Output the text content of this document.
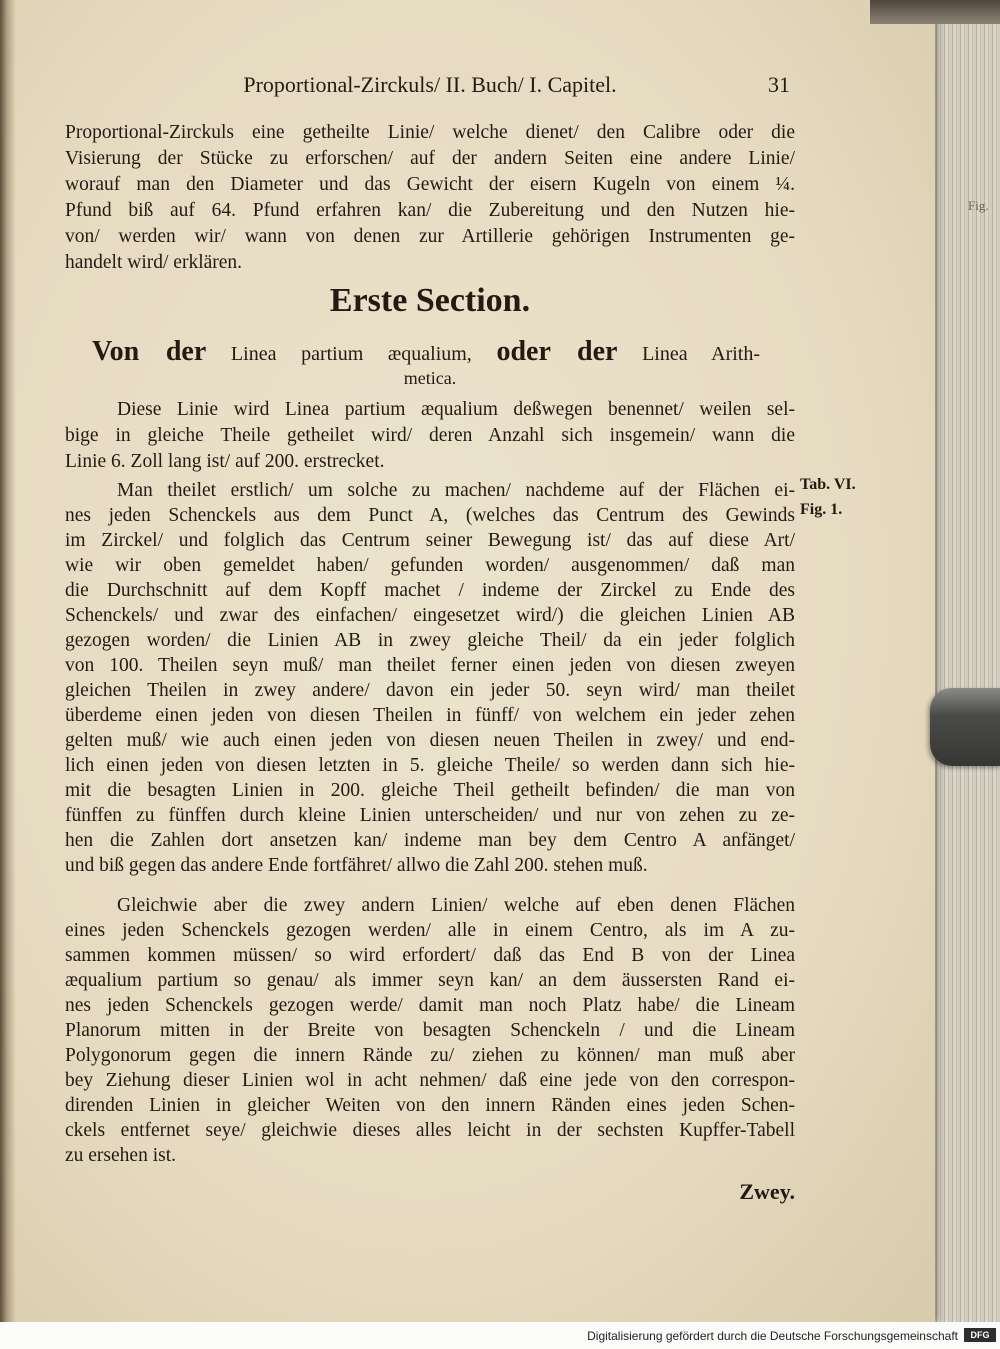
Fig.
Proportional-Zirckuls/ II. Buch/ I. Capitel.	31
Proportional-Zirckuls eine getheilte Linie/ welche dienet/ den Calibre oder die
Visierung der Stücke zu erforschen/ auf der andern Seiten eine andere Linie/
worauf man den Diameter und das Gewicht der eisern Kugeln von einem ¼.
Pfund biß auf 64. Pfund erfahren kan/ die Zubereitung und den Nutzen hie-
von/ werden wir/ wann von denen zur Artillerie gehörigen Instrumenten ge-
handelt wird/ erklären.
Erste Section.
Von der Linea partium æqualium, oder der Linea Arith-
metica.
Diese Linie wird Linea partium æqualium deßwegen benennet/ weilen sel-
bige in gleiche Theile getheilet wird/ deren Anzahl sich insgemein/ wann die
Linie 6. Zoll lang ist/ auf 200. erstrecket.
Man theilet erstlich/ um solche zu machen/ nachdeme auf der Flächen ei-
nes jeden Schenckels aus dem Punct A, (welches das Centrum des Gewinds
im Zirckel/ und folglich das Centrum seiner Bewegung ist/ das auf diese Art/
wie wir oben gemeldet haben/ gefunden worden/ ausgenommen/ daß man
die Durchschnitt auf dem Kopff machet / indeme der Zirckel zu Ende des
Schenckels/ und zwar des einfachen/ eingesetzet wird/) die gleichen Linien AB
gezogen worden/ die Linien AB in zwey gleiche Theil/ da ein jeder folglich
von 100. Theilen seyn muß/ man theilet ferner einen jeden von diesen zweyen
gleichen Theilen in zwey andere/ davon ein jeder 50. seyn wird/ man theilet
überdeme einen jeden von diesen Theilen in fünff/ von welchem ein jeder zehen
gelten muß/ wie auch einen jeden von diesen neuen Theilen in zwey/ und end-
lich einen jeden von diesen letzten in 5. gleiche Theile/ so werden dann sich hie-
mit die besagten Linien in 200. gleiche Theil getheilt befinden/ die man von
fünffen zu fünffen durch kleine Linien unterscheiden/ und nur von zehen zu ze-
hen die Zahlen dort ansetzen kan/ indeme man bey dem Centro A anfänget/
und biß gegen das andere Ende fortfähret/ allwo die Zahl 200. stehen muß.
Gleichwie aber die zwey andern Linien/ welche auf eben denen Flächen
eines jeden Schenckels gezogen werden/ alle in einem Centro, als im A zu-
sammen kommen müssen/ so wird erfordert/ daß das End B von der Linea
æqualium partium so genau/ als immer seyn kan/ an dem äussersten Rand ei-
nes jeden Schenckels gezogen werde/ damit man noch Platz habe/ die Lineam
Planorum mitten in der Breite von besagten Schenckeln / und die Lineam
Polygonorum gegen die innern Rände zu/ ziehen zu können/ man muß aber
bey Ziehung dieser Linien wol in acht nehmen/ daß eine jede von den correspon-
direnden Linien in gleicher Weiten von den innern Ränden eines jeden Schen-
ckels entfernet seye/ gleichwie dieses alles leicht in der sechsten Kupffer-Tabell
zu ersehen ist.
Tab. VI.
Fig. 1.
Zwey.
Digitalisierung gefördert durch die Deutsche Forschungsgemeinschaft	DFG
